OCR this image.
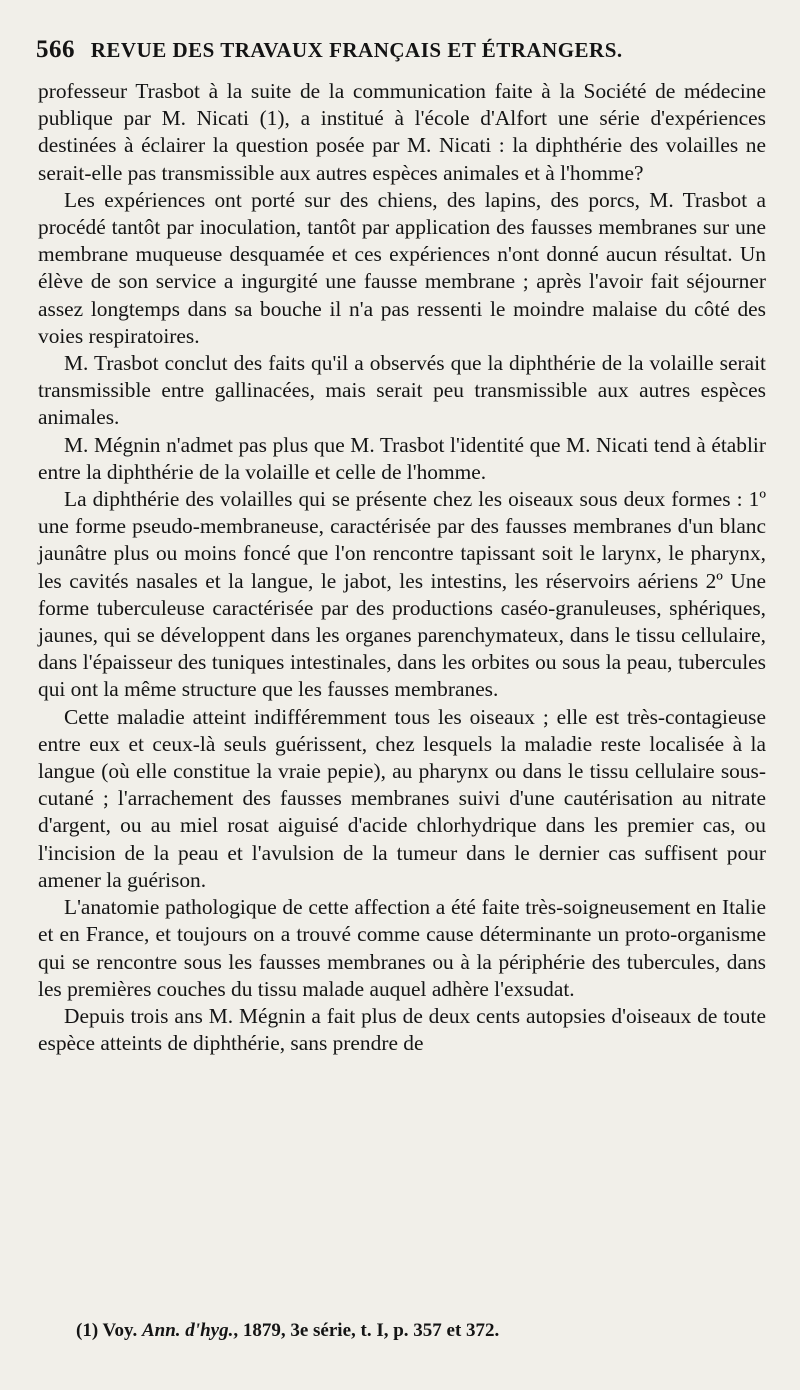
566 REVUE DES TRAVAUX FRANÇAIS ET ÉTRANGERS.

professeur Trasbot à la suite de la communication faite à la Société de médecine publique par M. Nicati (1), a institué à l'école d'Alfort une série d'expériences destinées à éclairer la question posée par M. Nicati : la diphthérie des volailles ne serait-elle pas transmissible aux autres espèces animales et à l'homme?

Les expériences ont porté sur des chiens, des lapins, des porcs, M. Trasbot a procédé tantôt par inoculation, tantôt par application des fausses membranes sur une membrane muqueuse desquamée et ces expériences n'ont donné aucun résultat. Un élève de son service a ingurgité une fausse membrane ; après l'avoir fait séjourner assez longtemps dans sa bouche il n'a pas ressenti le moindre malaise du côté des voies respiratoires.

M. Trasbot conclut des faits qu'il a observés que la diphthérie de la volaille serait transmissible entre gallinacées, mais serait peu transmissible aux autres espèces animales.

M. Mégnin n'admet pas plus que M. Trasbot l'identité que M. Nicati tend à établir entre la diphthérie de la volaille et celle de l'homme.

La diphthérie des volailles qui se présente chez les oiseaux sous deux formes : 1º une forme pseudo-membraneuse, caractérisée par des fausses membranes d'un blanc jaunâtre plus ou moins foncé que l'on rencontre tapissant soit le larynx, le pharynx, les cavités nasales et la langue, le jabot, les intestins, les réservoirs aériens 2º Une forme tuberculeuse caractérisée par des productions caséo-granuleuses, sphériques, jaunes, qui se développent dans les organes parenchymateux, dans le tissu cellulaire, dans l'épaisseur des tuniques intestinales, dans les orbites ou sous la peau, tubercules qui ont la même structure que les fausses membranes.

Cette maladie atteint indifféremment tous les oiseaux ; elle est très-contagieuse entre eux et ceux-là seuls guérissent, chez lesquels la maladie reste localisée à la langue (où elle constitue la vraie pepie), au pharynx ou dans le tissu cellulaire sous-cutané ; l'arrachement des fausses membranes suivi d'une cautérisation au nitrate d'argent, ou au miel rosat aiguisé d'acide chlorhydrique dans les premier cas, ou l'incision de la peau et l'avulsion de la tumeur dans le dernier cas suffisent pour amener la guérison.

L'anatomie pathologique de cette affection a été faite très-soigneusement en Italie et en France, et toujours on a trouvé comme cause déterminante un proto-organisme qui se rencontre sous les fausses membranes ou à la périphérie des tubercules, dans les premières couches du tissu malade auquel adhère l'exsudat.

Depuis trois ans M. Mégnin a fait plus de deux cents autopsies d'oiseaux de toute espèce atteints de diphthérie, sans prendre de

(1) Voy. Ann. d'hyg., 1879, 3e série, t. I, p. 357 et 372.
